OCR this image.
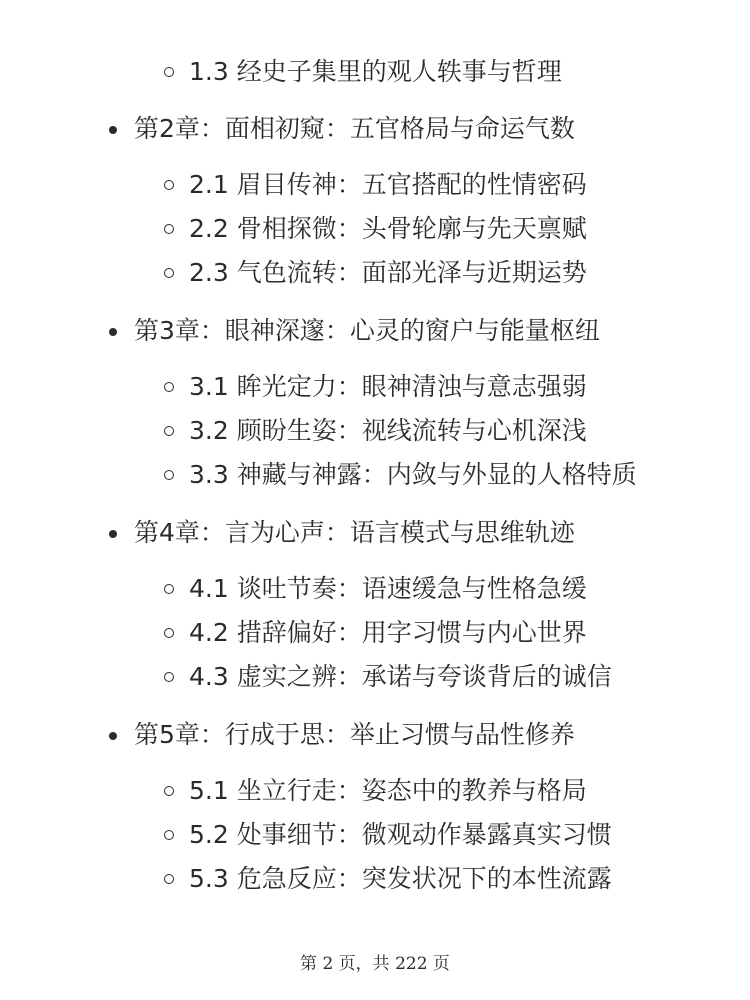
1.3 经史子集里的观人轶事与哲理
第2章：面相初窥：五官格局与命运气数
2.1 眉目传神：五官搭配的性情密码
2.2 骨相探微：头骨轮廓与先天禀赋
2.3 气色流转：面部光泽与近期运势
第3章：眼神深邃：心灵的窗户与能量枢纽
3.1 眸光定力：眼神清浊与意志强弱
3.2 顾盼生姿：视线流转与心机深浅
3.3 神藏与神露：内敛与外显的人格特质
第4章：言为心声：语言模式与思维轨迹
4.1 谈吐节奏：语速缓急与性格急缓
4.2 措辞偏好：用字习惯与内心世界
4.3 虚实之辨：承诺与夸谈背后的诚信
第5章：行成于思：举止习惯与品性修养
5.1 坐立行走：姿态中的教养与格局
5.2 处事细节：微观动作暴露真实习惯
5.3 危急反应：突发状况下的本性流露
第 2 页，共 222 页
